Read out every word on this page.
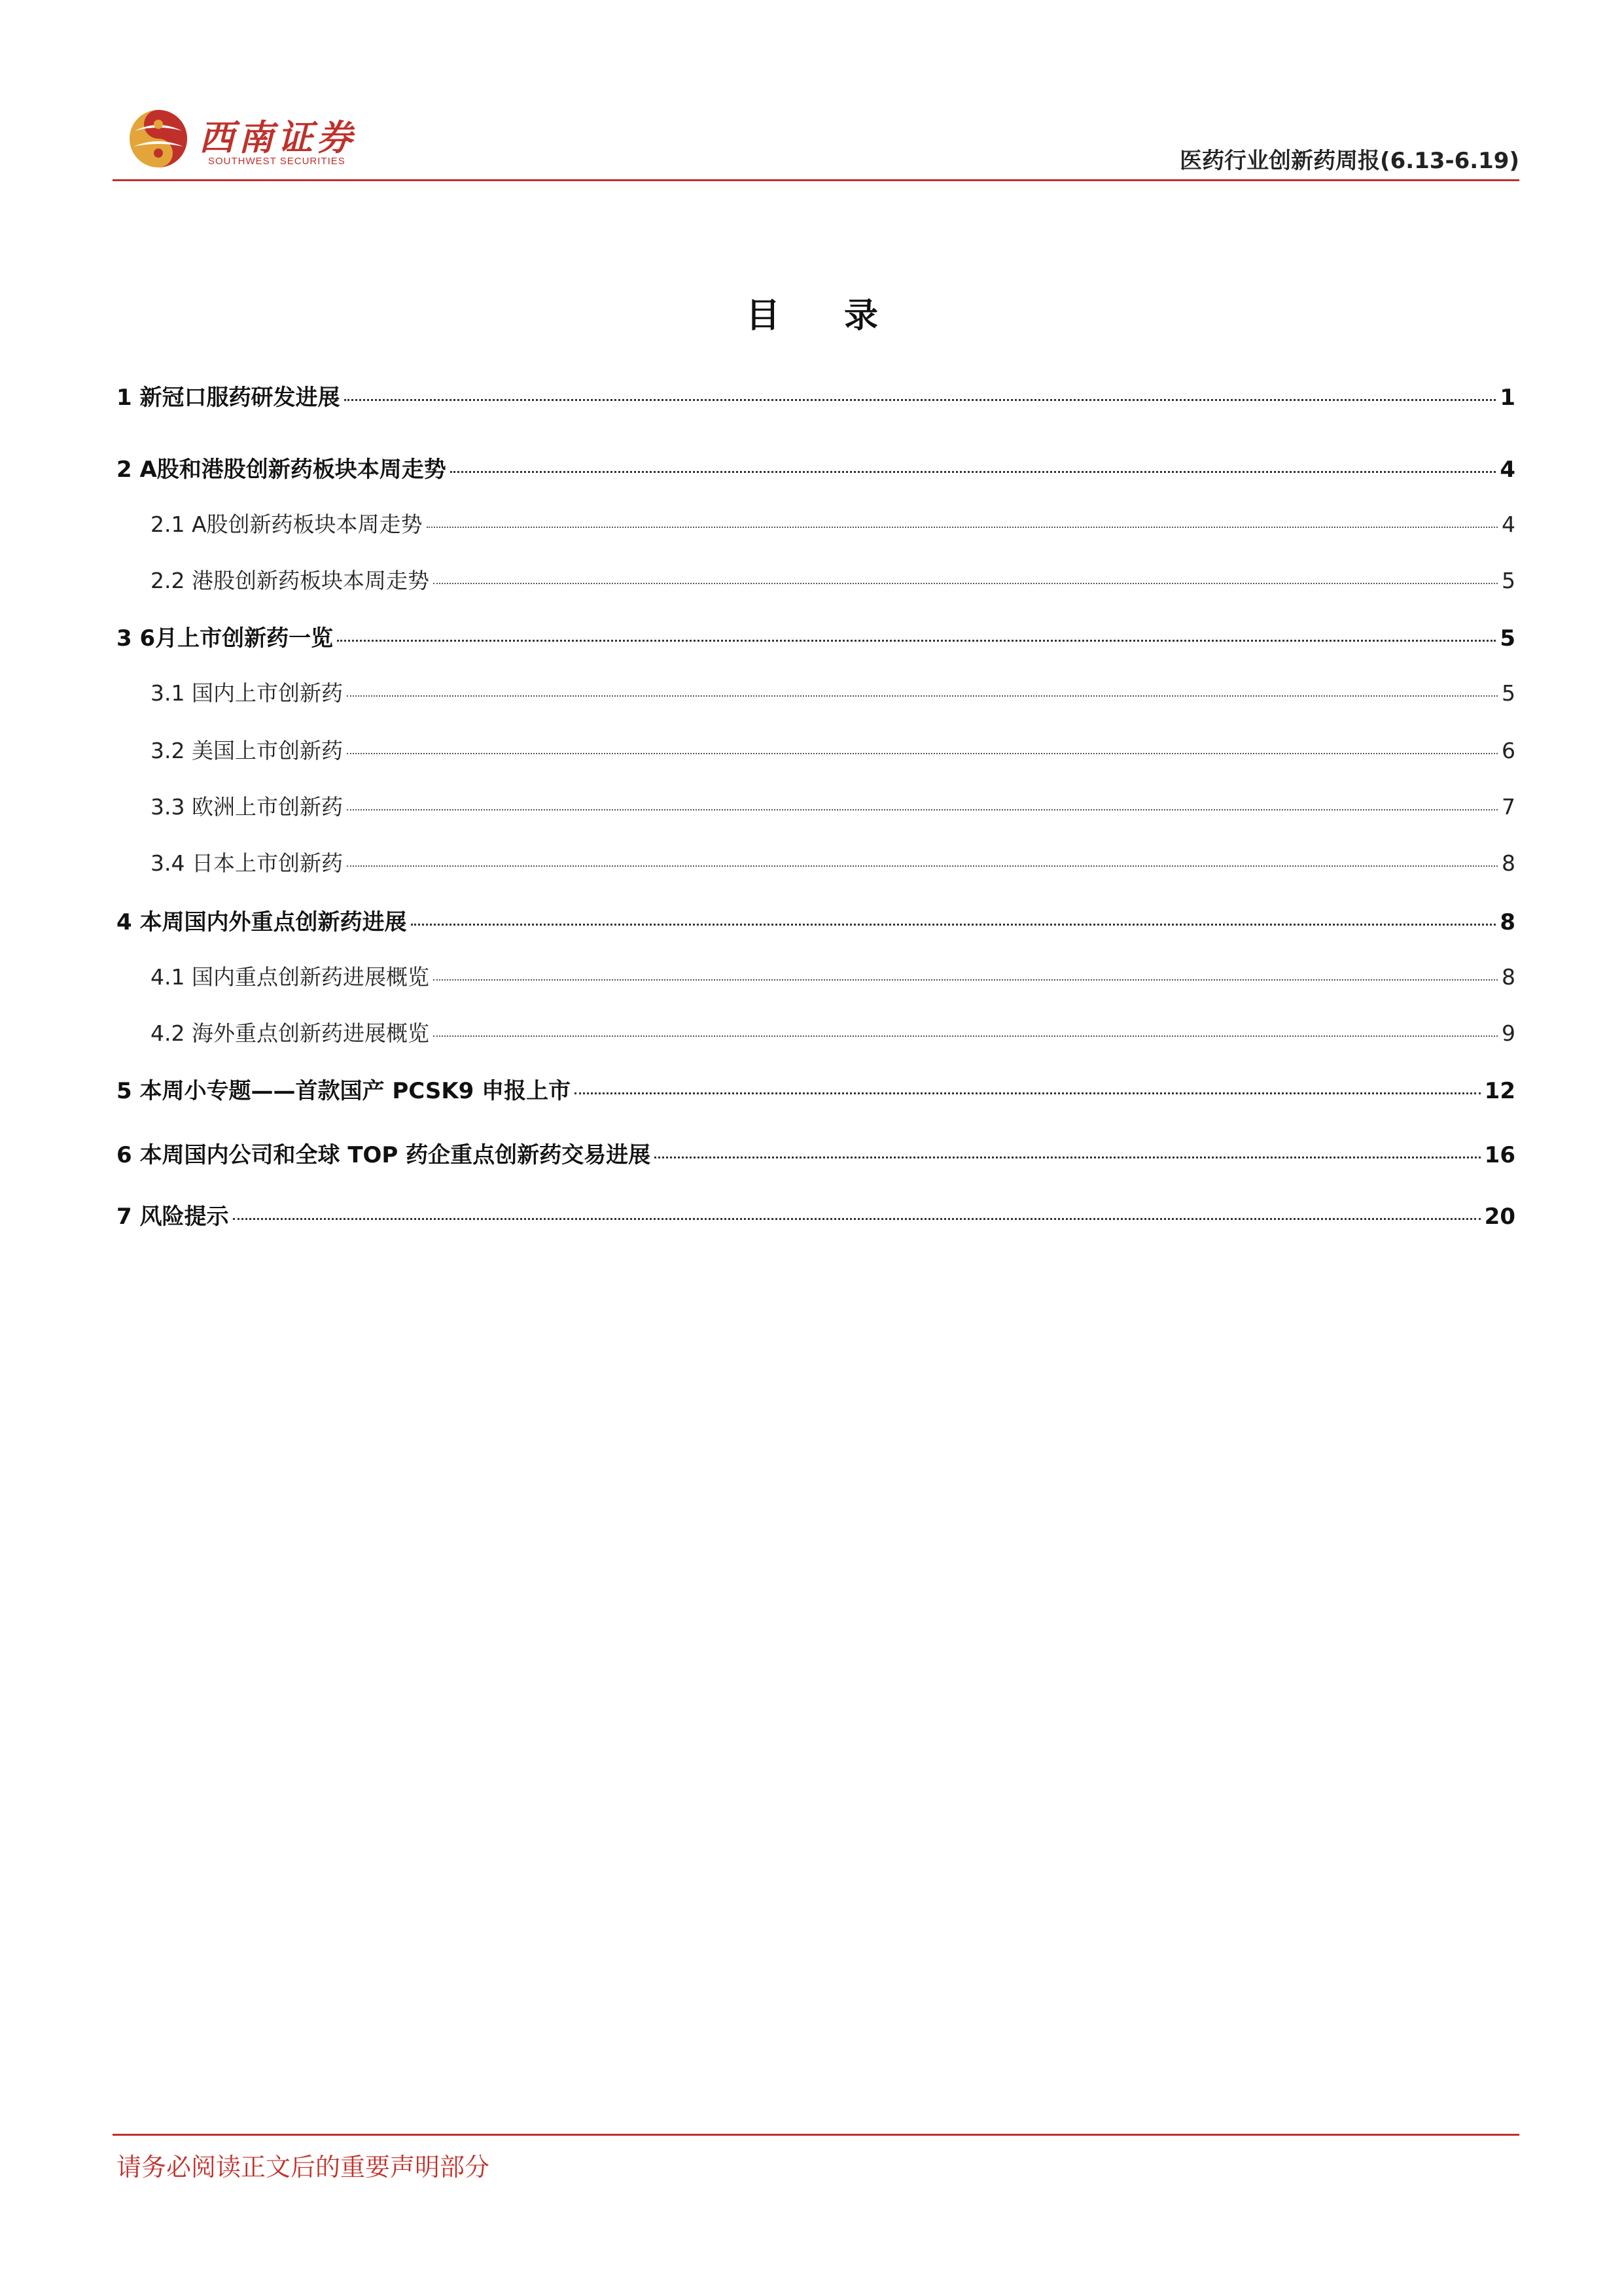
西南证券
SOUTHWEST SECURITIES	医药行业创新药周报(6.13-6.19)
目 录
1 新冠口服药研发进展	1
2 A股和港股创新药板块本周走势	4
2.1 A股创新药板块本周走势	4
2.2 港股创新药板块本周走势	5
3 6月上市创新药一览	5
3.1 国内上市创新药	5
3.2 美国上市创新药	6
3.3 欧洲上市创新药	7
3.4 日本上市创新药	8
4 本周国内外重点创新药进展	8
4.1 国内重点创新药进展概览	8
4.2 海外重点创新药进展概览	9
5 本周小专题——首款国产 PCSK9 申报上市	12
6 本周国内公司和全球 TOP 药企重点创新药交易进展	16
7 风险提示	20
请务必阅读正文后的重要声明部分
